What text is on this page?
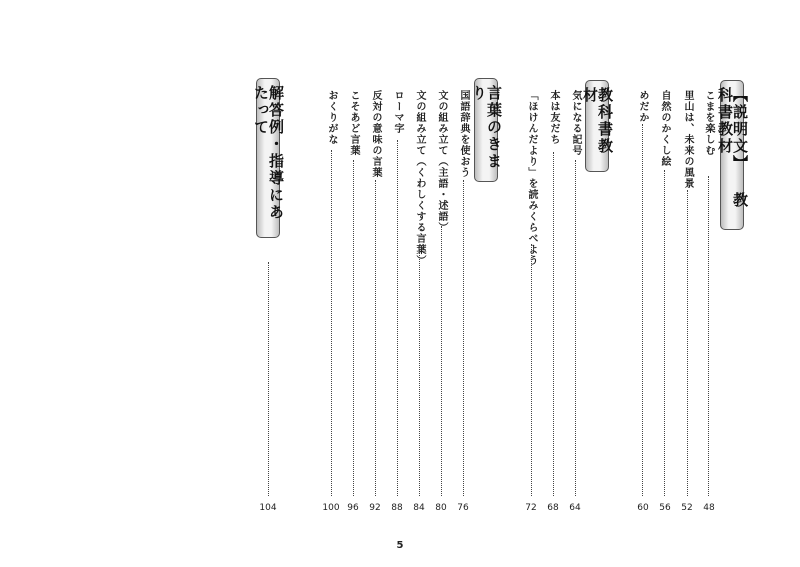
【説明文】 教科書教材
教科書教材
言葉のきまり
解答例・指導にあたって	こまを楽しむ
48
里山は、未来の風景
52
自然のかくし絵
56
めだか
60
気になる記号
64
本は友だち
68
「ほけんだより」を読みくらべよう
72
国語辞典を使おう
76
文の組み立て（主語・述語）
80
文の組み立て（くわしくする言葉）
84
ローマ字
88
反対の意味の言葉
92
こそあど言葉
96
おくりがな
100
104
5
